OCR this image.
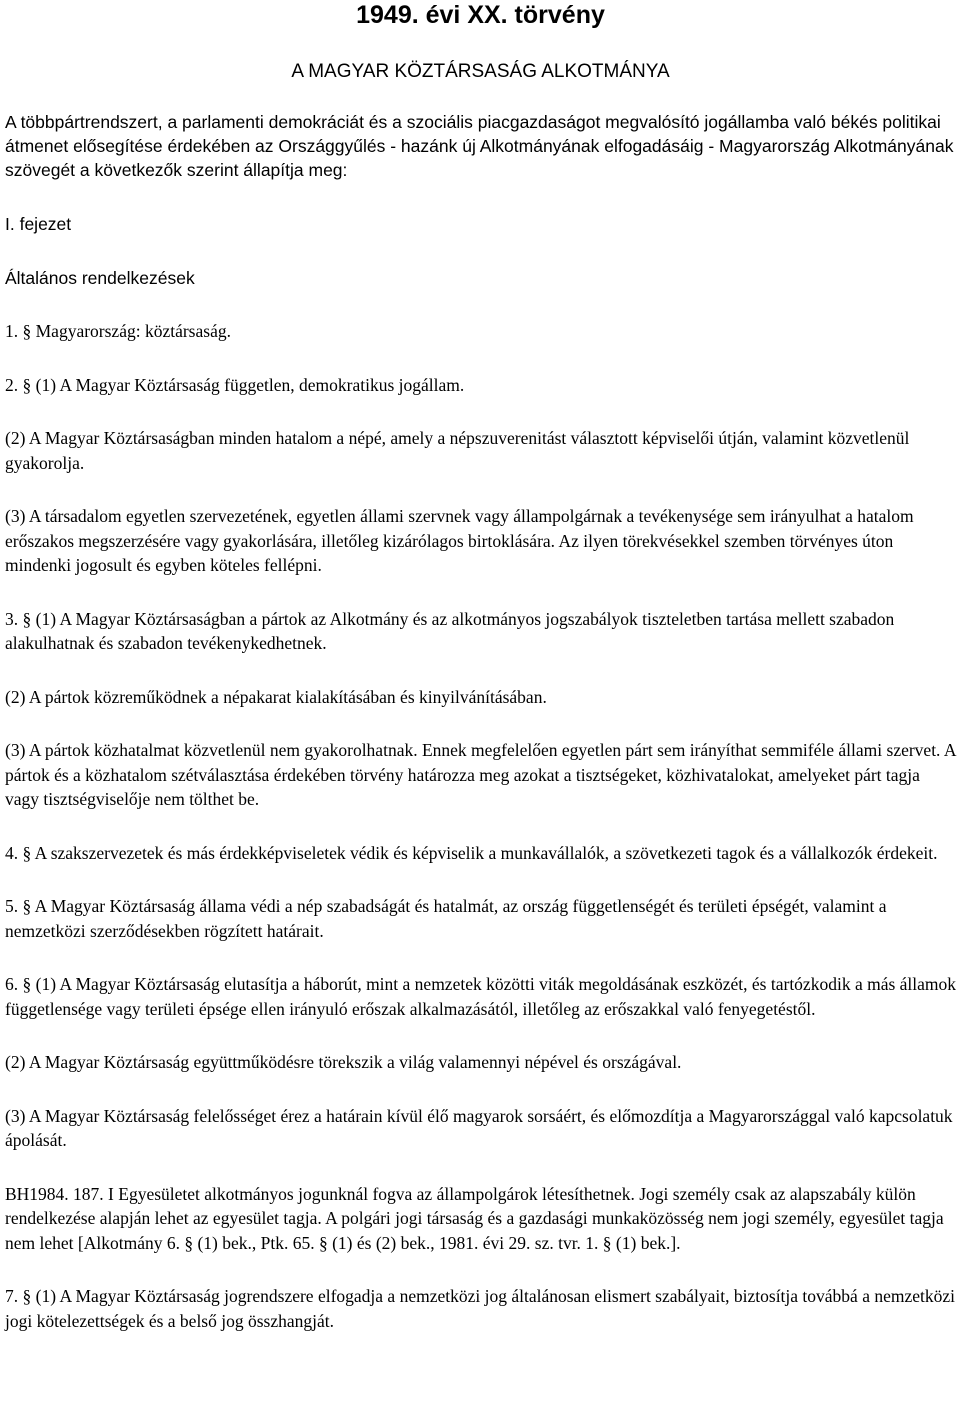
1949. évi XX. törvény
A MAGYAR KÖZTÁRSASÁG ALKOTMÁNYA

A többpártrendszert, a parlamenti demokráciát és a szociális piacgazdaságot megvalósító jogállamba való békés politikai átmenet elősegítése érdekében az Országgyűlés - hazánk új Alkotmányának elfogadásáig - Magyarország Alkotmányának szövegét a következők szerint állapítja meg:

I. fejezet
Általános rendelkezések

1. § Magyarország: köztársaság.

2. § (1) A Magyar Köztársaság független, demokratikus jogállam.

(2) A Magyar Köztársaságban minden hatalom a népé, amely a népszuverenitást választott képviselői útján, valamint közvetlenül gyakorolja.

(3) A társadalom egyetlen szervezetének, egyetlen állami szervnek vagy állampolgárnak a tevékenysége sem irányulhat a hatalom erőszakos megszerzésére vagy gyakorlására, illetőleg kizárólagos birtoklására. Az ilyen törekvésekkel szemben törvényes úton mindenki jogosult és egyben köteles fellépni.

3. § (1) A Magyar Köztársaságban a pártok az Alkotmány és az alkotmányos jogszabályok tiszteletben tartása mellett szabadon alakulhatnak és szabadon tevékenykedhetnek.

(2) A pártok közreműködnek a népakarat kialakításában és kinyilvánításában.

(3) A pártok közhatalmat közvetlenül nem gyakorolhatnak. Ennek megfelelően egyetlen párt sem irányíthat semmiféle állami szervet. A pártok és a közhatalom szétválasztása érdekében törvény határozza meg azokat a tisztségeket, közhivatalokat, amelyeket párt tagja vagy tisztségviselője nem tölthet be.

4. § A szakszervezetek és más érdekképviseletek védik és képviselik a munkavállalók, a szövetkezeti tagok és a vállalkozók érdekeit.

5. § A Magyar Köztársaság állama védi a nép szabadságát és hatalmát, az ország függetlenségét és területi épségét, valamint a nemzetközi szerződésekben rögzített határait.

6. § (1) A Magyar Köztársaság elutasítja a háborút, mint a nemzetek közötti viták megoldásának eszközét, és tartózkodik a más államok függetlensége vagy területi épsége ellen irányuló erőszak alkalmazásától, illetőleg az erőszakkal való fenyegetéstől.

(2) A Magyar Köztársaság együttműködésre törekszik a világ valamennyi népével és országával.

(3) A Magyar Köztársaság felelősséget érez a határain kívül élő magyarok sorsáért, és előmozdítja a Magyarországgal való kapcsolatuk ápolását.

BH1984. 187. I Egyesületet alkotmányos jogunknál fogva az állampolgárok létesíthetnek. Jogi személy csak az alapszabály külön rendelkezése alapján lehet az egyesület tagja. A polgári jogi társaság és a gazdasági munkaközösség nem jogi személy, egyesület tagja nem lehet [Alkotmány 6. § (1) bek., Ptk. 65. § (1) és (2) bek., 1981. évi 29. sz. tvr. 1. § (1) bek.].

7. § (1) A Magyar Köztársaság jogrendszere elfogadja a nemzetközi jog általánosan elismert szabályait, biztosítja továbbá a nemzetközi jogi kötelezettségek és a belső jog összhangját.
